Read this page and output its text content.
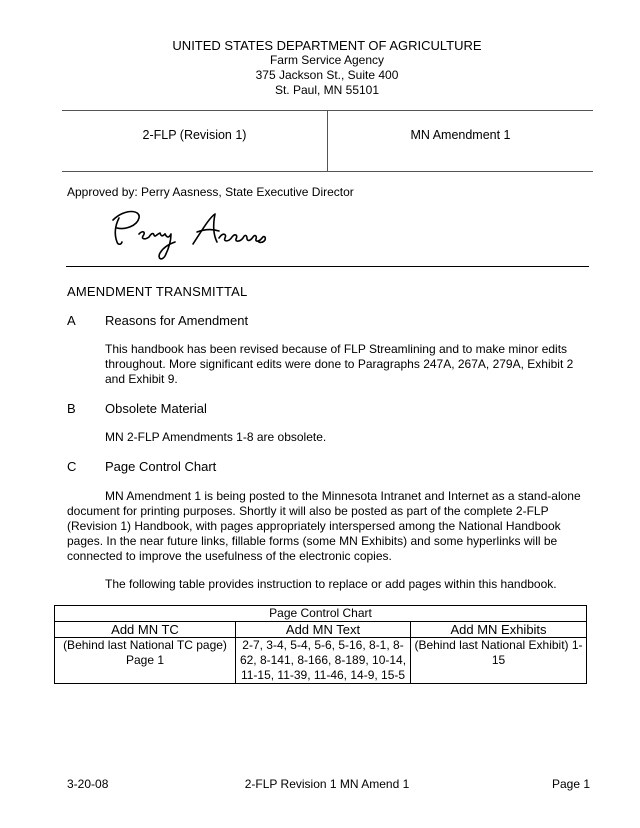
UNITED STATES DEPARTMENT OF AGRICULTURE
Farm Service Agency
375 Jackson St., Suite 400
St. Paul, MN 55101
2-FLP (Revision 1)	MN Amendment 1
Approved by: Perry Aasness, State Executive Director
AMENDMENT TRANSMITTAL
A Reasons for Amendment
This handbook has been revised because of FLP Streamlining and to make minor edits throughout. More significant edits were done to Paragraphs 247A, 267A, 279A, Exhibit 2 and Exhibit 9.
B Obsolete Material
MN 2-FLP Amendments 1-8 are obsolete.
C Page Control Chart
MN Amendment 1 is being posted to the Minnesota Intranet and Internet as a stand-alone document for printing purposes. Shortly it will also be posted as part of the complete 2-FLP (Revision 1) Handbook, with pages appropriately interspersed among the National Handbook pages. In the near future links, fillable forms (some MN Exhibits) and some hyperlinks will be connected to improve the usefulness of the electronic copies.
The following table provides instruction to replace or add pages within this handbook.
Page Control Chart		
Add MN TC	Add MN Text	Add MN Exhibits
(Behind last National TC page) Page 1	2-7, 3-4, 5-4, 5-6, 5-16, 8-1, 8-62, 8-141, 8-166, 8-189, 10-14, 11-15, 11-39, 11-46, 14-9, 15-5	(Behind last National Exhibit) 1-15
3-20-08	2-FLP Revision 1 MN Amend 1	Page 1
